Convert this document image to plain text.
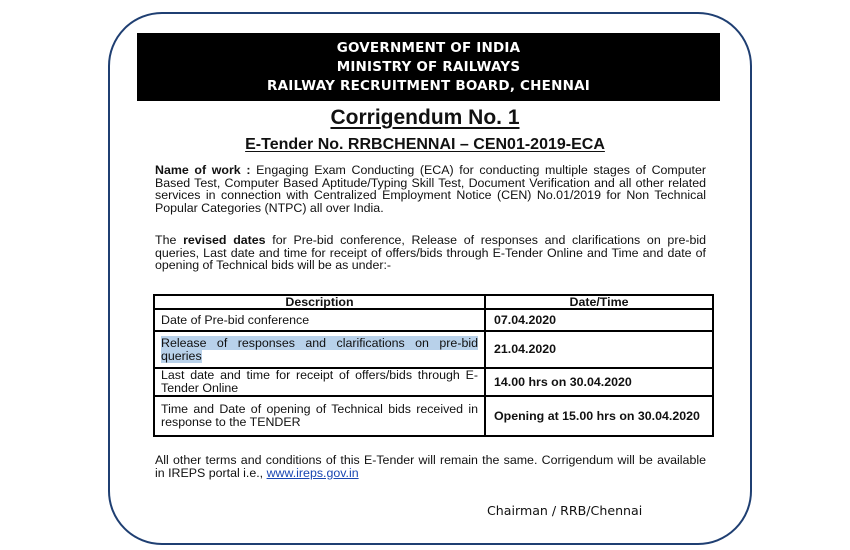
GOVERNMENT OF INDIA
MINISTRY OF RAILWAYS
RAILWAY RECRUITMENT BOARD, CHENNAI
Corrigendum No. 1
E-Tender No. RRBCHENNAI – CEN01-2019-ECA
Name of work : Engaging Exam Conducting (ECA) for conducting multiple stages of Computer Based Test, Computer Based Aptitude/Typing Skill Test, Document Verification and all other related services in connection with Centralized Employment Notice (CEN) No.01/2019 for Non Technical Popular Categories (NTPC) all over India.
The revised dates for Pre-bid conference, Release of responses and clarifications on pre-bid queries, Last date and time for receipt of offers/bids through E-Tender Online and Time and date of opening of Technical bids will be as under:-
Description	Date/Time
Date of Pre-bid conference	07.04.2020
Release of responses and clarifications on pre-bid queries	21.04.2020
Last date and time for receipt of offers/bids through E-Tender Online	14.00 hrs on 30.04.2020
Time and Date of opening of Technical bids received in response to the TENDER	Opening at 15.00 hrs on 30.04.2020
All other terms and conditions of this E-Tender will remain the same. Corrigendum will be available in IREPS portal i.e., www.ireps.gov.in
Chairman / RRB/Chennai
